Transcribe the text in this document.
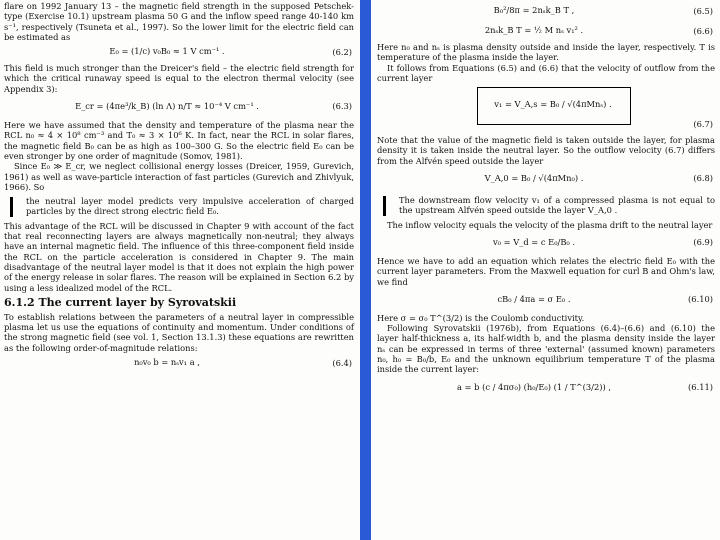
flare on 1992 January 13 – the magnetic field strength in the supposed Petschek-type (Exercise 10.1) upstream plasma 50 G and the inflow speed range 40-140 km s⁻¹, respectively (Tsuneta et al., 1997). So the lower limit for the electric field can be estimated as

E₀ = (1/c) v₀B₀ ≈ 1 V cm⁻¹ .	(6.2)

This field is much stronger than the Dreicer's field – the electric field strength for which the critical runaway speed is equal to the electron thermal velocity (see Appendix 3):

E_cr = (4πe³/k_B) (ln Λ) n/T ≈ 10⁻⁴ V cm⁻¹ .	(6.3)

Here we have assumed that the density and temperature of the plasma near the RCL n₀ ≈ 4 × 10⁸ cm⁻³ and T₀ ≈ 3 × 10⁶ K. In fact, near the RCL in solar flares, the magnetic field B₀ can be as high as 100–300 G. So the electric field E₀ can be even stronger by one order of magnitude (Somov, 1981).

Since E₀ ≫ E_cr, we neglect collisional energy losses (Dreicer, 1959, Gurevich, 1961) as well as wave-particle interaction of fast particles (Gurevich and Zhivlyuk, 1966). So

the neutral layer model predicts very impulsive acceleration of charged particles by the direct strong electric field E₀.

This advantage of the RCL will be discussed in Chapter 9 with account of the fact that real reconnecting layers are always magnetically non-neutral; they always have an internal magnetic field. The influence of this three-component field inside the RCL on the particle acceleration is considered in Chapter 9. The main disadvantage of the neutral layer model is that it does not explain the high power of the energy release in solar flares. The reason will be explained in Section 6.2 by using a less idealized model of the RCL.

6.1.2 The current layer by Syrovatskii

To establish relations between the parameters of a neutral layer in compressible plasma let us use the equations of continuity and momentum. Under conditions of the strong magnetic field (see vol. 1, Section 13.1.3) these equations are rewritten as the following order-of-magnitude relations:

n₀v₀ b = nₛv₁ a ,	(6.4)
B₀²/8π = 2nₛk_B T ,	(6.5)
2nₛk_B T = ½ M nₛ v₁² .	(6.6)

Here n₀ and nₛ is plasma density outside and inside the layer, respectively. T is temperature of the plasma inside the layer.

It follows from Equations (6.5) and (6.6) that the velocity of outflow from the current layer

v₁ = V_A,s = B₀ / √(4πMnₛ) .
(6.7)

Note that the value of the magnetic field is taken outside the layer, for plasma density it is taken inside the neutral layer. So the outflow velocity (6.7) differs from the Alfvén speed outside the layer

V_A,0 = B₀ / √(4πMn₀) .	(6.8)

The downstream flow velocity v₁ of a compressed plasma is not equal to the upstream Alfvén speed outside the layer V_A,0 .

The inflow velocity equals the velocity of the plasma drift to the neutral layer

v₀ = V_d = c E₀/B₀ .	(6.9)

Hence we have to add an equation which relates the electric field E₀ with the current layer parameters. From the Maxwell equation for curl B and Ohm's law, we find

cB₀ / 4πa = σ E₀ .	(6.10)

Here σ = σ₀ T^(3/2) is the Coulomb conductivity.

Following Syrovatskii (1976b), from Equations (6.4)–(6.6) and (6.10) the layer half-thickness a, its half-width b, and the plasma density inside the layer nₛ can be expressed in terms of three 'external' (assumed known) parameters n₀, h₀ = B₀/b, E₀ and the unknown equilibrium temperature T of the plasma inside the current layer:

a = b (c / 4πσ₀) (h₀/E₀) (1 / T^(3/2)) ,	(6.11)
